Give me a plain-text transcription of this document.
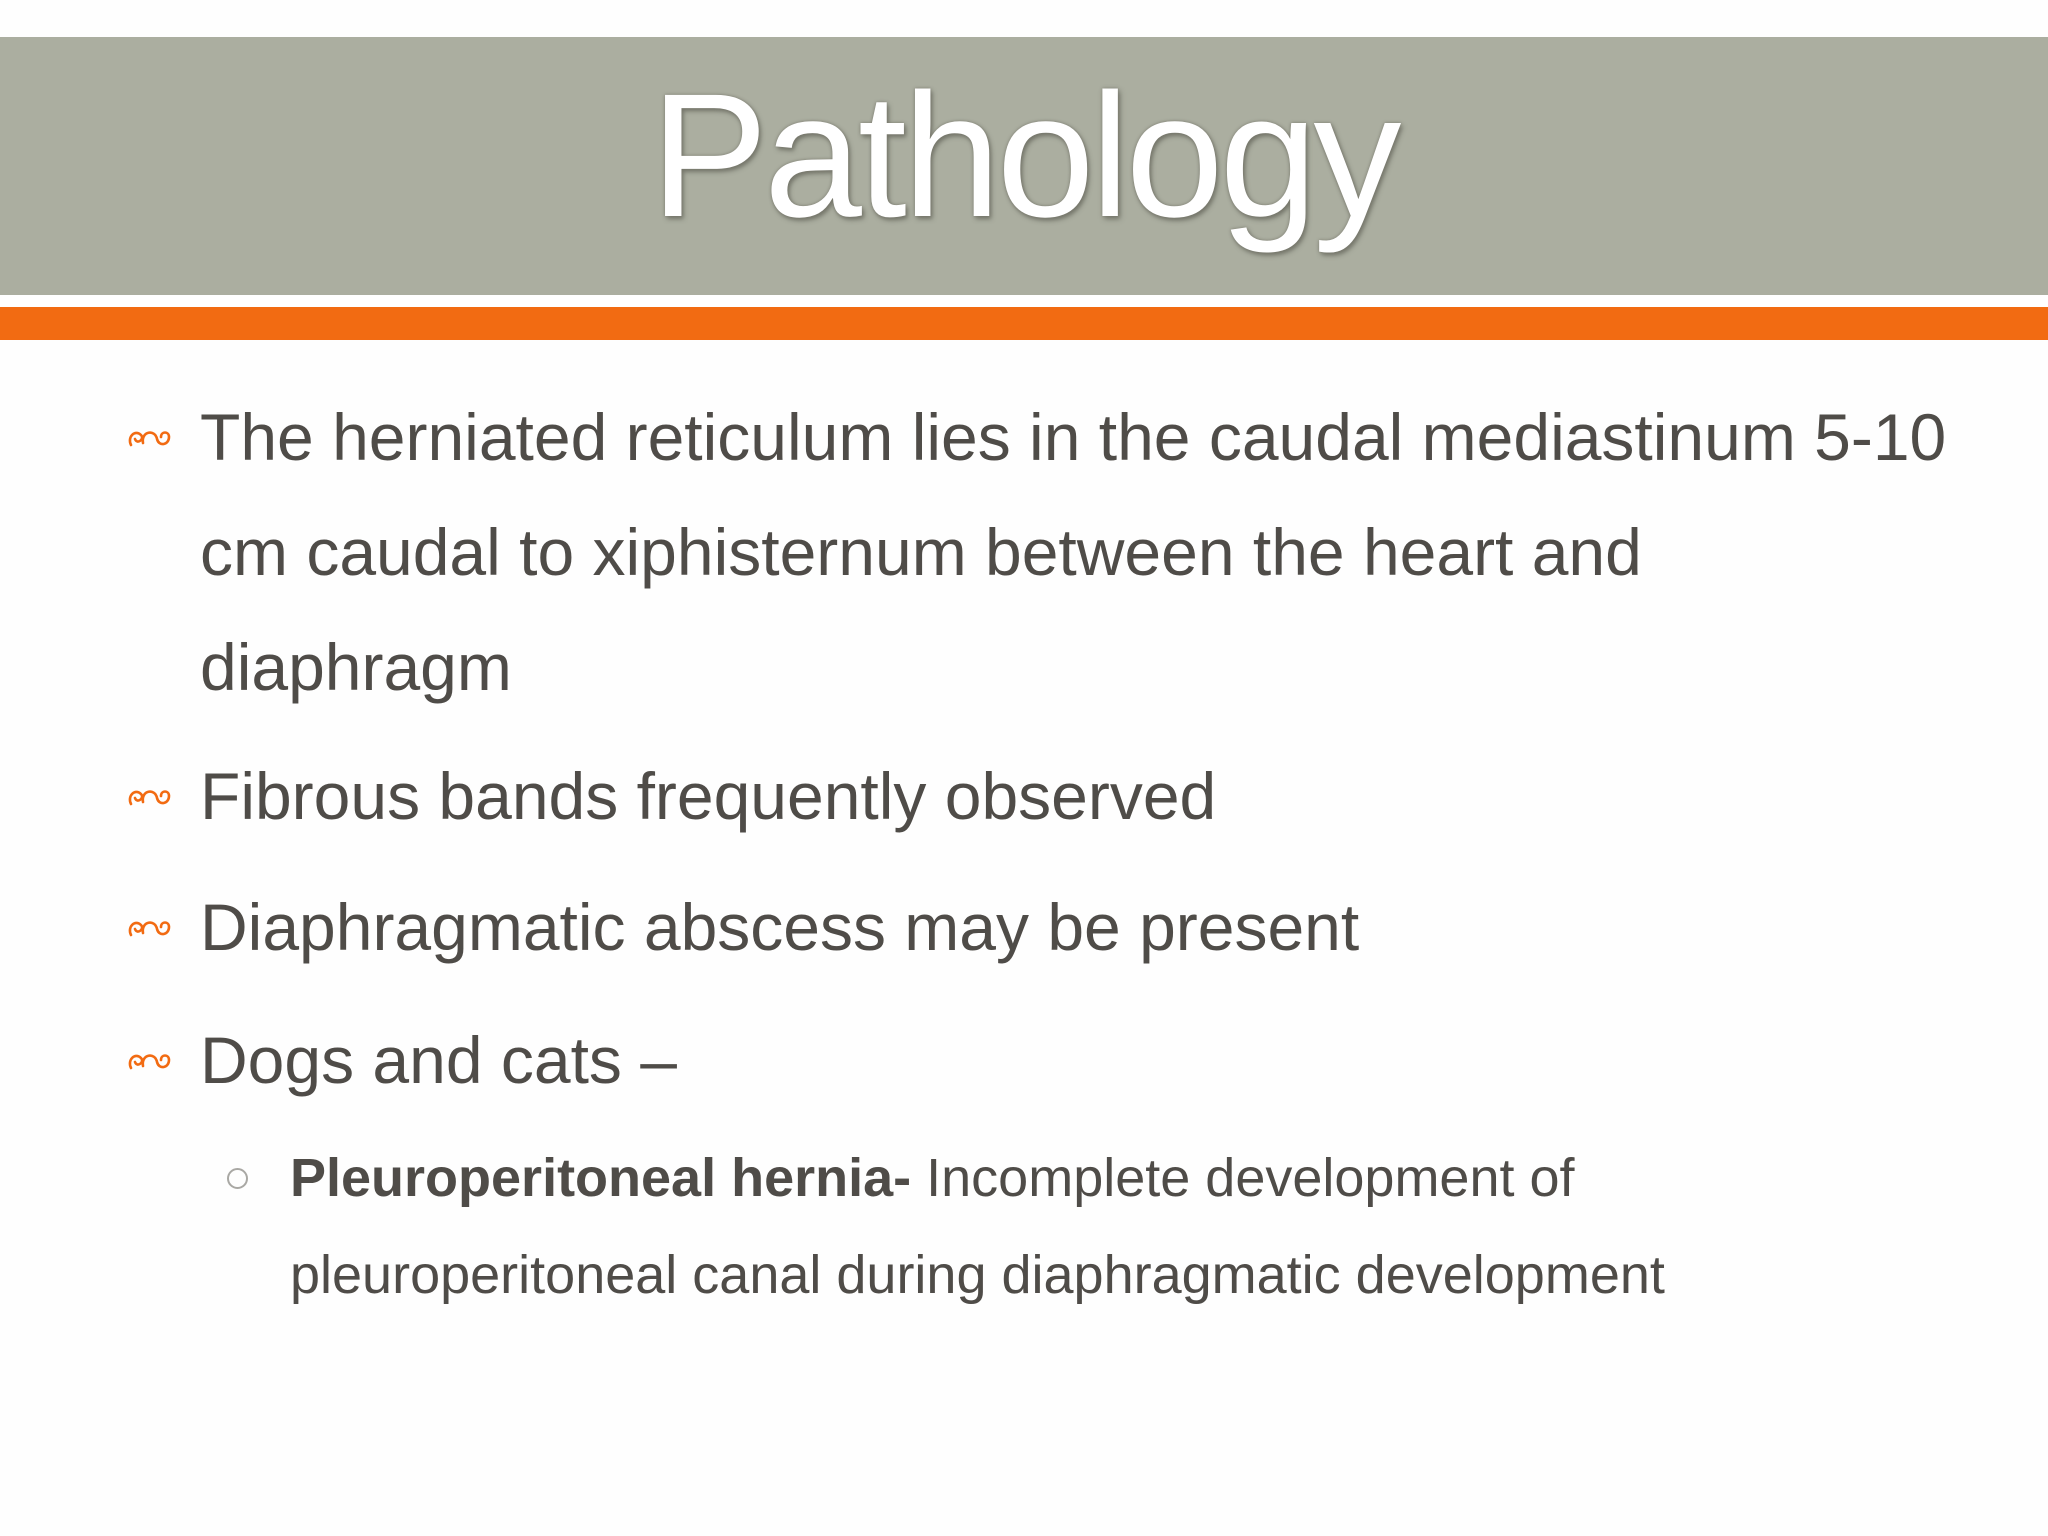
Pathology
The herniated reticulum lies in the caudal mediastinum 5-10 cm caudal to xiphisternum between the heart and diaphragm
Fibrous bands frequently observed
Diaphragmatic abscess may be present
Dogs and cats –
Pleuroperitoneal hernia- Incomplete development of pleuroperitoneal canal during diaphragmatic development
